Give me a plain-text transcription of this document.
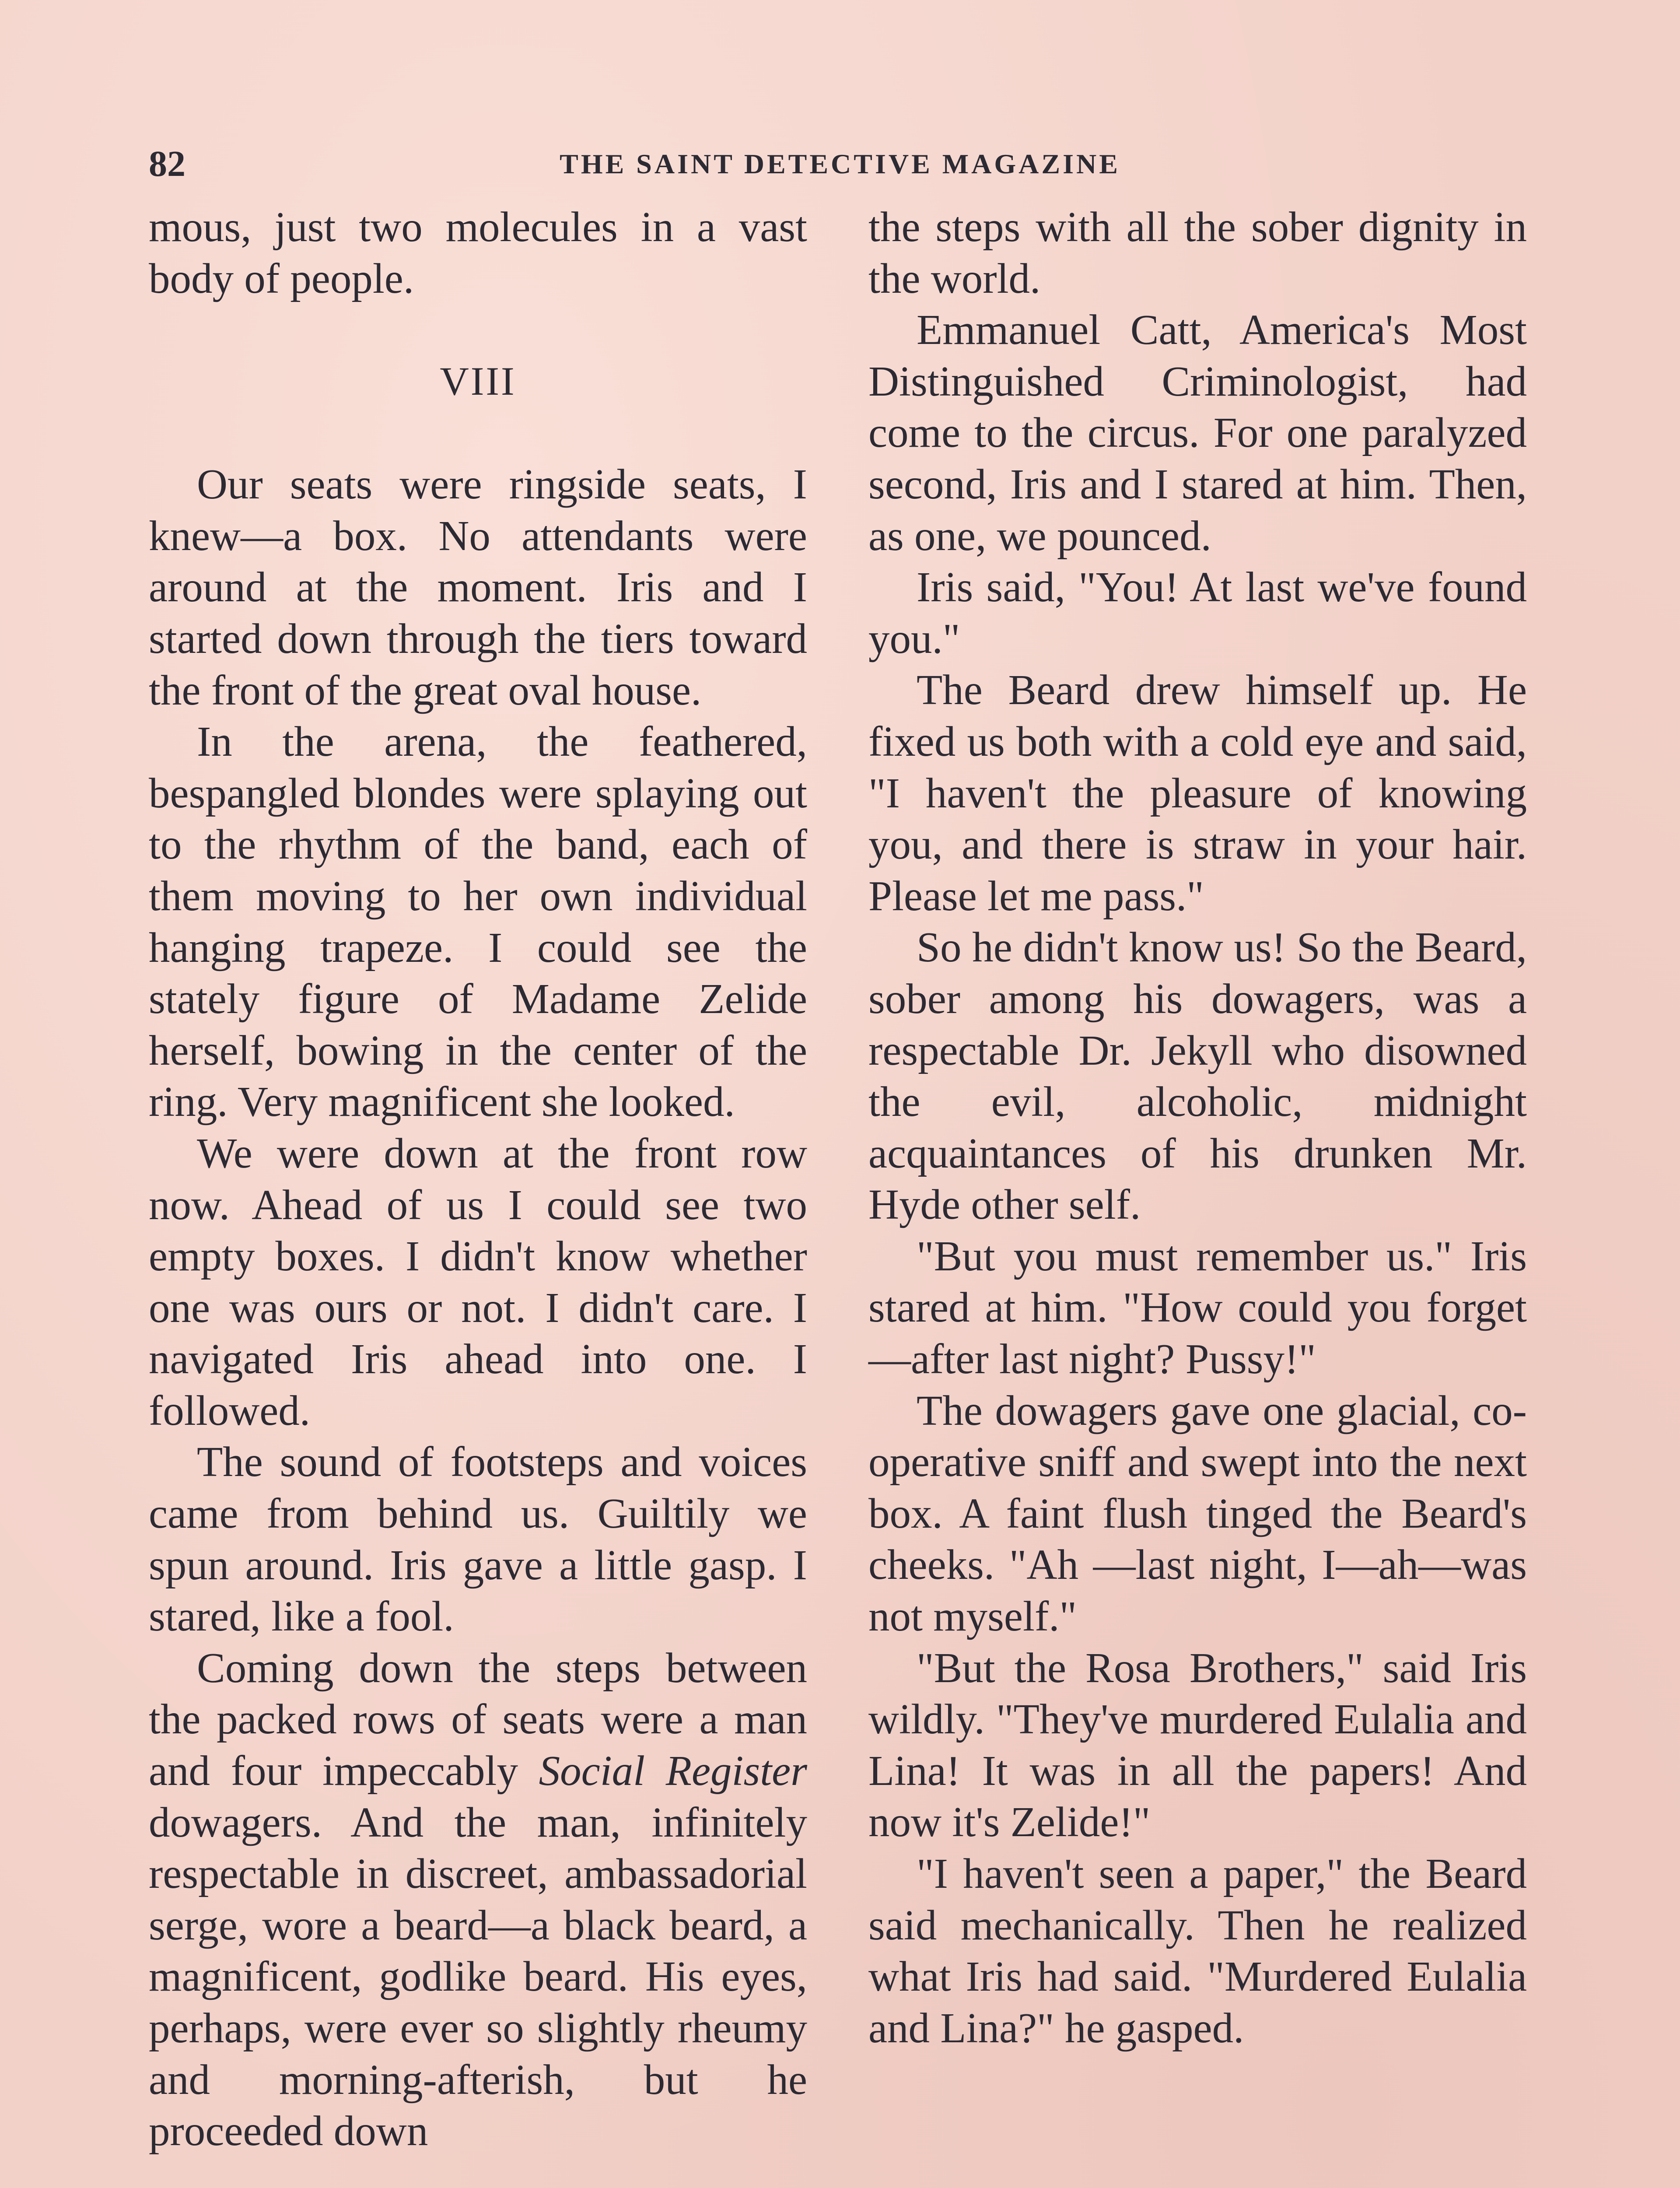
82	THE SAINT DETECTIVE MAGAZINE

mous, just two molecules in a vast body of people.

VIII

Our seats were ringside seats, I knew—a box. No attendants were around at the moment. Iris and I started down through the tiers toward the front of the great oval house.

In the arena, the feathered, bespangled blondes were splaying out to the rhythm of the band, each of them moving to her own individual hanging trapeze. I could see the stately figure of Madame Zelide herself, bowing in the center of the ring. Very magnificent she looked.

We were down at the front row now. Ahead of us I could see two empty boxes. I didn't know whether one was ours or not. I didn't care. I navigated Iris ahead into one. I followed.

The sound of footsteps and voices came from behind us. Guiltily we spun around. Iris gave a little gasp. I stared, like a fool.

Coming down the steps between the packed rows of seats were a man and four impeccably Social Register dowagers. And the man, infinitely respectable in discreet, ambassadorial serge, wore a beard—a black beard, a magnificent, godlike beard. His eyes, perhaps, were ever so slightly rheumy and morning-afterish, but he proceeded down

the steps with all the sober dignity in the world.

Emmanuel Catt, America's Most Distinguished Criminologist, had come to the circus. For one paralyzed second, Iris and I stared at him. Then, as one, we pounced.

Iris said, "You! At last we've found you."

The Beard drew himself up. He fixed us both with a cold eye and said, "I haven't the pleasure of knowing you, and there is straw in your hair. Please let me pass."

So he didn't know us! So the Beard, sober among his dowagers, was a respectable Dr. Jekyll who disowned the evil, alcoholic, midnight acquaintances of his drunken Mr. Hyde other self.

"But you must remember us." Iris stared at him. "How could you forget—after last night? Pussy!"

The dowagers gave one glacial, co-operative sniff and swept into the next box. A faint flush tinged the Beard's cheeks. "Ah —last night, I—ah—was not myself."

"But the Rosa Brothers," said Iris wildly. "They've murdered Eulalia and Lina! It was in all the papers! And now it's Zelide!"

"I haven't seen a paper," the Beard said mechanically. Then he realized what Iris had said. "Murdered Eulalia and Lina?" he gasped.
